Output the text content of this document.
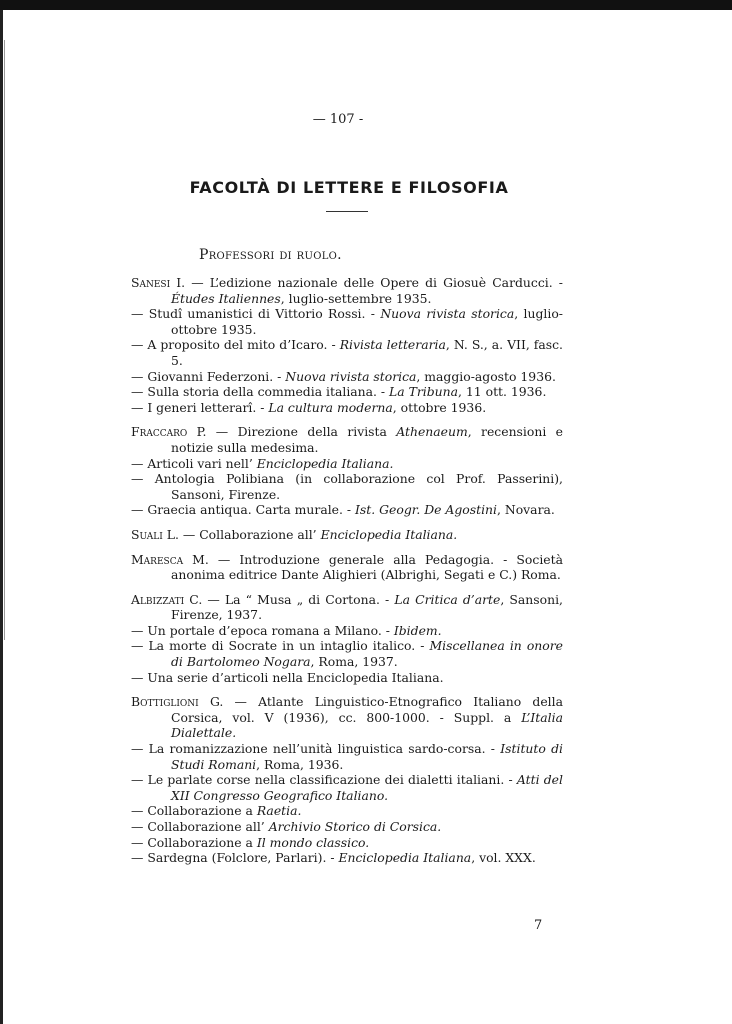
— 107 -
FACOLTÀ DI LETTERE E FILOSOFIA
Professori di ruolo.
Sanesi I. — L’edizione nazionale delle Opere di Giosuè Carducci. - Études Italiennes, luglio-settembre 1935.
— Studî umanistici di Vittorio Rossi. - Nuova rivista storica, luglio-ottobre 1935.
— A proposito del mito d’Icaro. - Rivista letteraria, N. S., a. VII, fasc. 5.
— Giovanni Federzoni. - Nuova rivista storica, maggio-agosto 1936.
— Sulla storia della commedia italiana. - La Tribuna, 11 ott. 1936.
— I generi letterarî. - La cultura moderna, ottobre 1936.
Fraccaro P. — Direzione della rivista Athenaeum, recensioni e notizie sulla medesima.
— Articoli vari nell’ Enciclopedia Italiana.
— Antologia Polibiana (in collaborazione col Prof. Passerini), Sansoni, Firenze.
— Graecia antiqua. Carta murale. - Ist. Geogr. De Agostini, Novara.
Suali L. — Collaborazione all’ Enciclopedia Italiana.
Maresca M. — Introduzione generale alla Pedagogia. - Società anonima editrice Dante Alighieri (Albrighi, Segati e C.) Roma.
Albizzati C. — La “ Musa „ di Cortona. - La Critica d’arte, Sansoni, Firenze, 1937.
— Un portale d’epoca romana a Milano. - Ibidem.
— La morte di Socrate in un intaglio italico. - Miscellanea in onore di Bartolomeo Nogara, Roma, 1937.
— Una serie d’articoli nella Enciclopedia Italiana.
Bottiglioni G. — Atlante Linguistico-Etnografico Italiano della Corsica, vol. V (1936), cc. 800-1000. - Suppl. a L’Italia Dialettale.
— La romanizzazione nell’unità linguistica sardo-corsa. - Istituto di Studi Romani, Roma, 1936.
— Le parlate corse nella classificazione dei dialetti italiani. - Atti del XII Congresso Geografico Italiano.
— Collaborazione a Raetia.
— Collaborazione all’ Archivio Storico di Corsica.
— Collaborazione a Il mondo classico.
— Sardegna (Folclore, Parlari). - Enciclopedia Italiana, vol. XXX.
7
